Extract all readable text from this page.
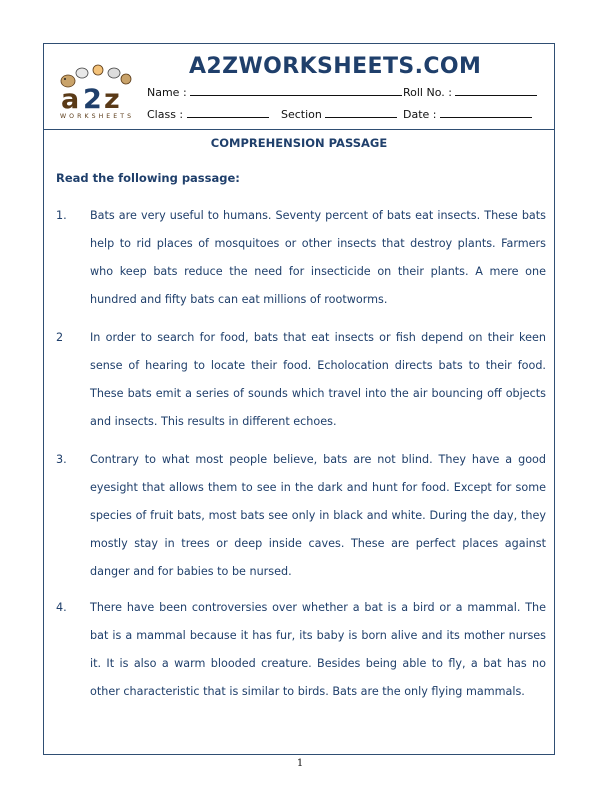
a 2 z
WORKSHEETS
A2ZWORKSHEETS.COM
Name :	Roll No. :
Class :	Section	Date :
COMPREHENSION PASSAGE
Read the following passage:
1. Bats are very useful to humans. Seventy percent of bats eat insects. These bats help to rid places of mosquitoes or other insects that destroy plants. Farmers who keep bats reduce the need for insecticide on their plants. A mere one hundred and fifty bats can eat millions of rootworms.
2 In order to search for food, bats that eat insects or fish depend on their keen sense of hearing to locate their food. Echolocation directs bats to their food. These bats emit a series of sounds which travel into the air bouncing off objects and insects. This results in different echoes.
3. Contrary to what most people believe, bats are not blind. They have a good eyesight that allows them to see in the dark and hunt for food. Except for some species of fruit bats, most bats see only in black and white. During the day, they mostly stay in trees or deep inside caves. These are perfect places against danger and for babies to be nursed.
4. There have been controversies over whether a bat is a bird or a mammal. The bat is a mammal because it has fur, its baby is born alive and its mother nurses it. It is also a warm blooded creature. Besides being able to fly, a bat has no other characteristic that is similar to birds. Bats are the only flying mammals.
1
